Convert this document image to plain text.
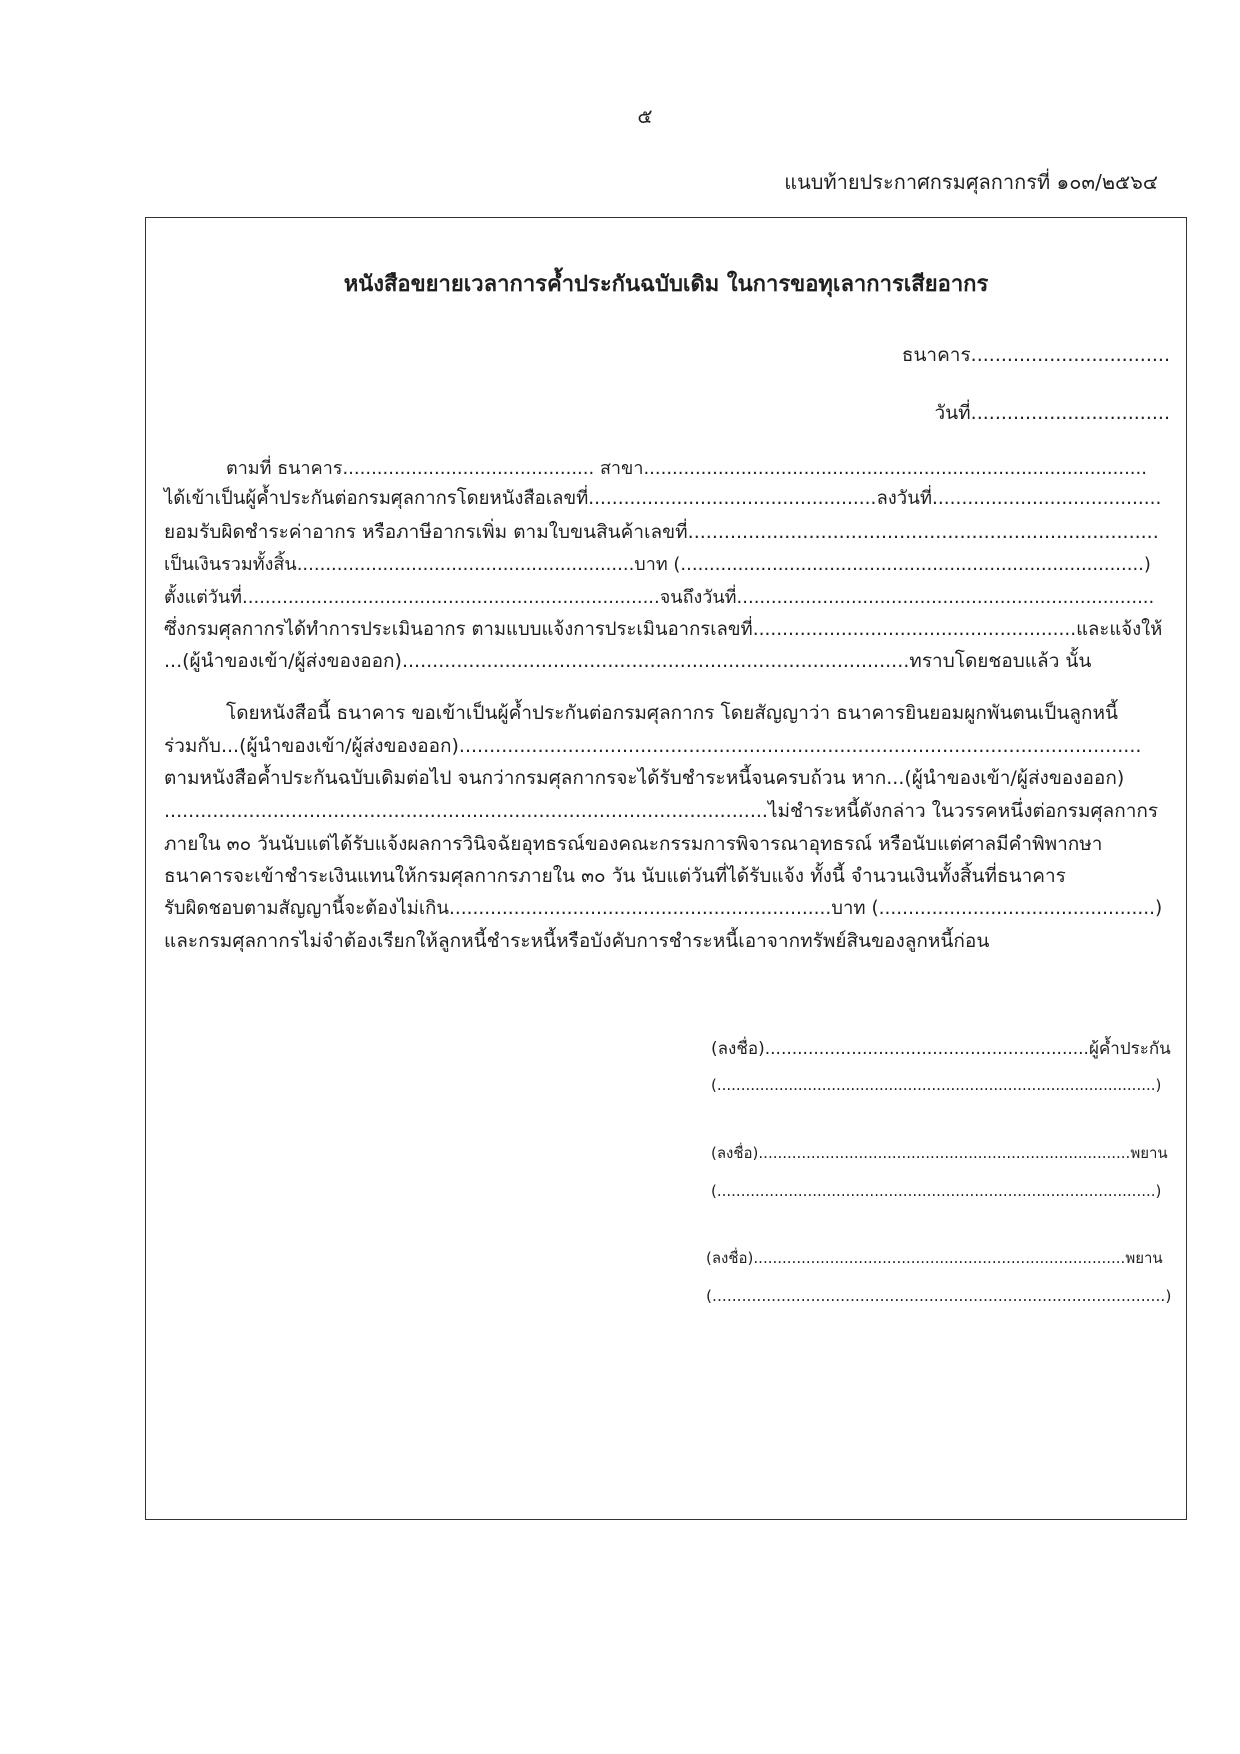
๕
แนบท้ายประกาศกรมศุลกากรที่ ๑๐๓/๒๕๖๔
หนังสือขยายเวลาการค้ำประกันฉบับเดิม ในการขอทุเลาการเสียอากร
ธนาคาร.................................
วันที่.................................
ตามที่ ธนาคาร............................................ สาขา........................................................................................
ได้เข้าเป็นผู้ค้ำประกันต่อกรมศุลกากรโดยหนังสือเลขที่.................................................ลงวันที่.......................................
ยอมรับผิดชำระค่าอากร หรือภาษีอากรเพิ่ม ตามใบขนสินค้าเลขที่..............................................................................
เป็นเงินรวมทั้งสิ้น...........................................................บาท (.................................................................................)
ตั้งแต่วันที่.........................................................................จนถึงวันที่.........................................................................
ซึ่งกรมศุลกากรได้ทำการประเมินอากร ตามแบบแจ้งการประเมินอากรเลขที่.......................................................และแจ้งให้
...(ผู้นำของเข้า/ผู้ส่งของออก)....................................................................................ทราบโดยชอบแล้ว นั้น
โดยหนังสือนี้ ธนาคาร ขอเข้าเป็นผู้ค้ำประกันต่อกรมศุลกากร โดยสัญญาว่า ธนาคารยินยอมผูกพันตนเป็นลูกหนี้
ร่วมกับ...(ผู้นำของเข้า/ผู้ส่งของออก).................................................................................................................
ตามหนังสือค้ำประกันฉบับเดิมต่อไป จนกว่ากรมศุลกากรจะได้รับชำระหนี้จนครบถ้วน หาก...(ผู้นำของเข้า/ผู้ส่งของออก)
....................................................................................................ไม่ชำระหนี้ดังกล่าว ในวรรคหนึ่งต่อกรมศุลกากร
ภายใน ๓๐ วันนับแต่ได้รับแจ้งผลการวินิจฉัยอุทธรณ์ของคณะกรรมการพิจารณาอุทธรณ์ หรือนับแต่ศาลมีคำพิพากษา
ธนาคารจะเข้าชำระเงินแทนให้กรมศุลกากรภายใน ๓๐ วัน นับแต่วันที่ได้รับแจ้ง ทั้งนี้ จำนวนเงินทั้งสิ้นที่ธนาคาร
รับผิดชอบตามสัญญานี้จะต้องไม่เกิน.................................................................บาท (...............................................)
และกรมศุลกากรไม่จำต้องเรียกให้ลูกหนี้ชำระหนี้หรือบังคับการชำระหนี้เอาจากทรัพย์สินของลูกหนี้ก่อน
(ลงชื่อ)............................................................ผู้ค้ำประกัน
(............................................................................................)
(ลงชื่อ)..............................................................................พยาน
(............................................................................................)
(ลงชื่อ)..............................................................................พยาน
(............................................................................................)
